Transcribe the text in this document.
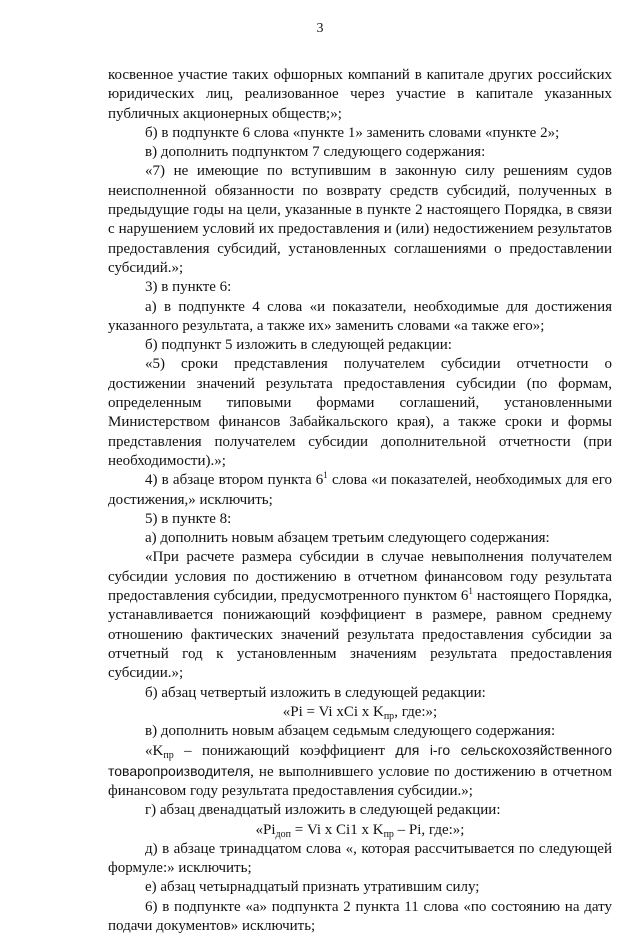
3

косвенное участие таких офшорных компаний в капитале других российских юридических лиц, реализованное через участие в капитале указанных публичных акционерных обществ;»;

б) в подпункте 6 слова «пункте 1» заменить словами «пункте 2»;

в) дополнить подпунктом 7 следующего содержания:

«7) не имеющие по вступившим в законную силу решениям судов неисполненной обязанности по возврату средств субсидий, полученных в предыдущие годы на цели, указанные в пункте 2 настоящего Порядка, в связи с нарушением условий их предоставления и (или) недостижением результатов предоставления субсидий, установленных соглашениями о предоставлении субсидий.»;

3) в пункте 6:

а) в подпункте 4 слова «и показатели, необходимые для достижения указанного результата, а также их» заменить словами «а также его»;

б) подпункт 5 изложить в следующей редакции:

«5) сроки представления получателем субсидии отчетности о достижении значений результата предоставления субсидии (по формам, определенным типовыми формами соглашений, установленными Министерством финансов Забайкальского края), а также сроки и формы представления получателем субсидии дополнительной отчетности (при необходимости).»;

4) в абзаце втором пункта $6^1$ слова «и показателей, необходимых для его достижения,» исключить;

5) в пункте 8:

а) дополнить новым абзацем третьим следующего содержания:

«При расчете размера субсидии в случае невыполнения получателем субсидии условия по достижению в отчетном финансовом году результата предоставления субсидии, предусмотренного пунктом $6^1$ настоящего Порядка, устанавливается понижающий коэффициент в размере, равном среднему отношению фактических значений результата предоставления субсидии за отчетный год к установленным значениям результата предоставления субсидии.»;

б) абзац четвертый изложить в следующей редакции:

«Pi = Vi xCi x $K_{пр}$, где:»;

в) дополнить новым абзацем седьмым следующего содержания:

«$K_{пр}$ – понижающий коэффициент для i-го сельскохозяйственного товаропроизводителя, не выполнившего условие по достижению в отчетном финансовом году результата предоставления субсидии.»;

г) абзац двенадцатый изложить в следующей редакции:

«$Pi_{доп} = Vi$ x Ci1 x $K_{пр}$ – Pi, где:»;

д) в абзаце тринадцатом слова «, которая рассчитывается по следующей формуле:» исключить;

е) абзац четырнадцатый признать утратившим силу;

6) в подпункте «а» подпункта 2 пункта 11 слова «по состоянию на дату подачи документов» исключить;
